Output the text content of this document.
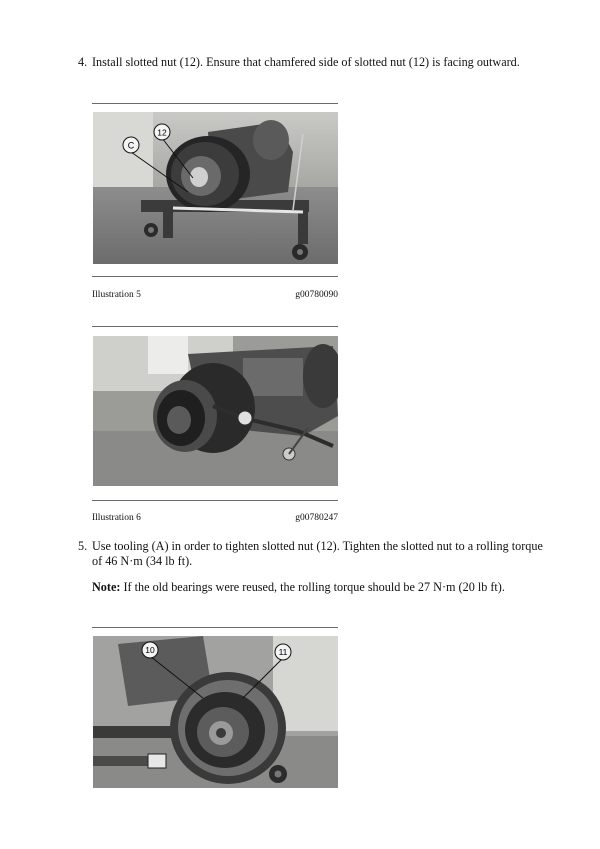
4. Install slotted nut (12). Ensure that chamfered side of slotted nut (12) is facing outward.
C
12
Illustration 5	g00780090
Illustration 6	g00780247
5. Use tooling (A) in order to tighten slotted nut (12). Tighten the slotted nut to a rolling torque
of 46 N·m (34 lb ft).
Note: If the old bearings were reused, the rolling torque should be 27 N·m (20 lb ft).
10	11
